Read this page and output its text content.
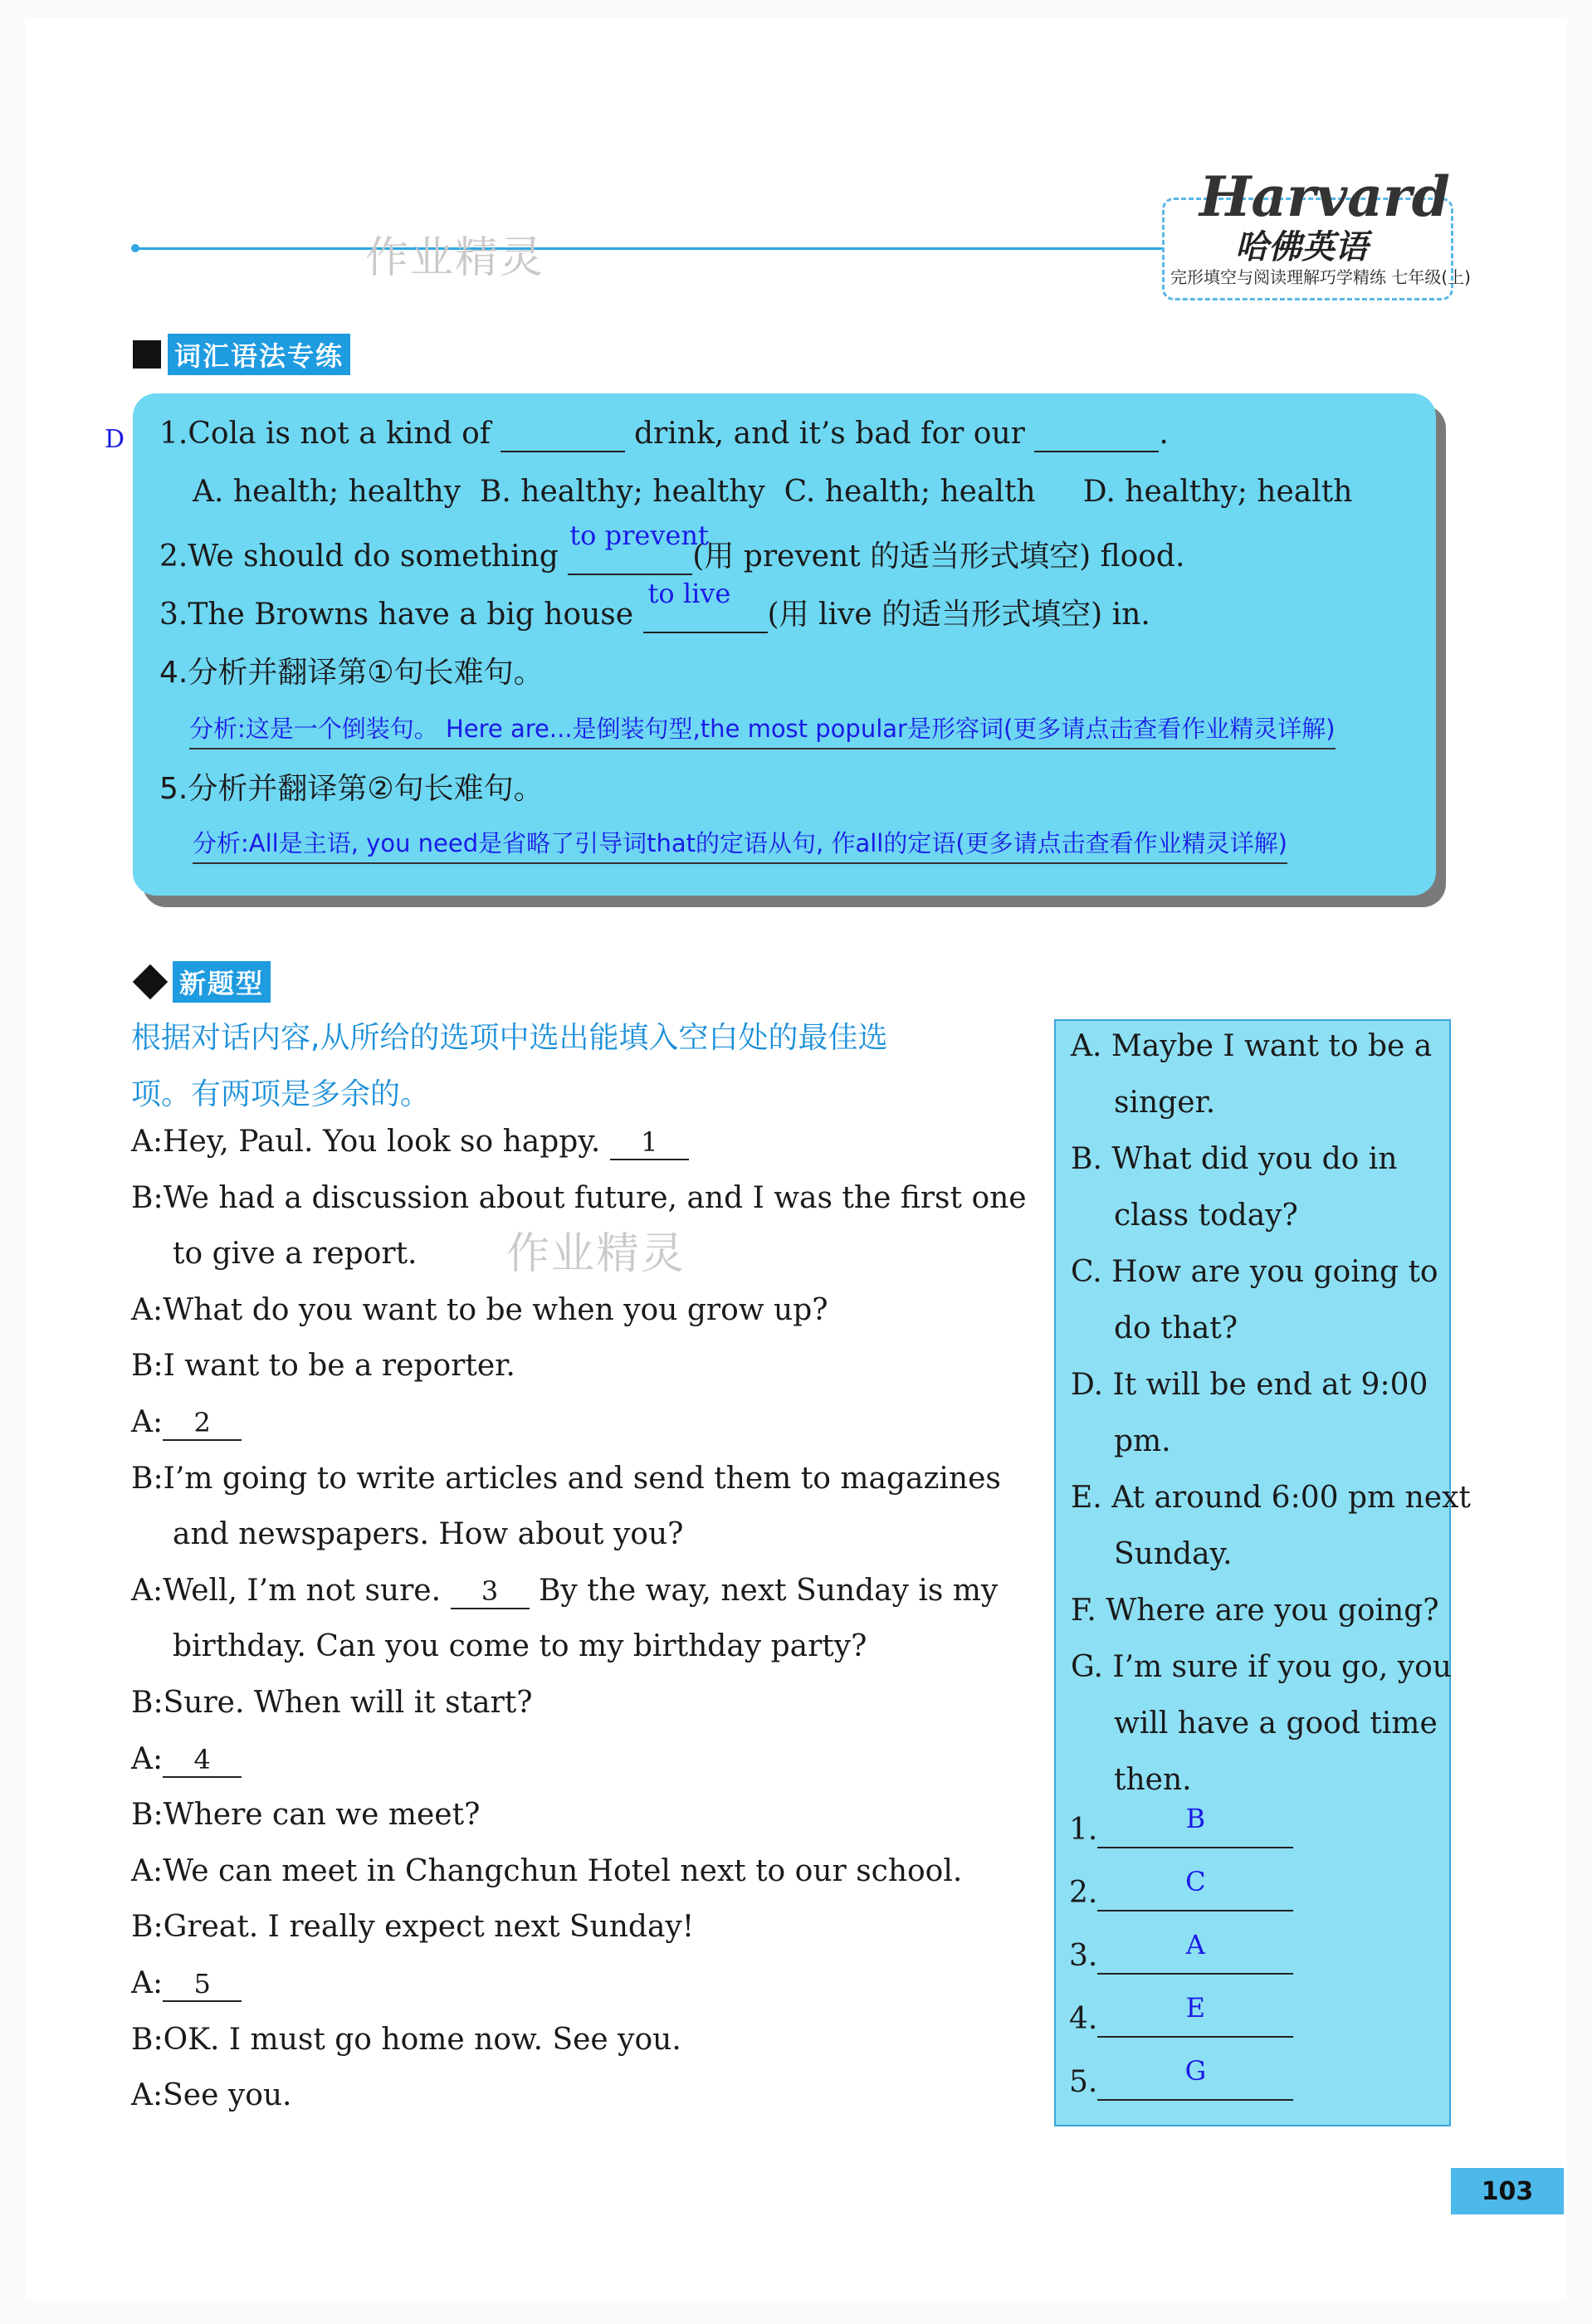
作业精灵
Harvard
哈佛英语
完形填空与阅读理解巧学精练 七年级(上)
词汇语法专练
D 1.Cola is not a kind of	drink, and it’s bad for our	.
A. health; healthy  B. healthy; healthy  C. health; health     D. healthy; health
2.We should do something
to prevent
(用 prevent 的适当形式填空) flood.
3.The Browns have a big house
to live
(用 live 的适当形式填空) in.
4.分析并翻译第①句长难句。
分析:这是一个倒装句。 Here are...是倒装句型,the most popular是形容词(更多请点击查看作业精灵详解)
5.分析并翻译第②句长难句。
分析:All是主语, you need是省略了引导词that的定语从句, 作all的定语(更多请点击查看作业精灵详解)
新题型
根据对话内容,从所给的选项中选出能填入空白处的最佳选
项。有两项是多余的。
A:Hey, Paul. You look so happy. 1
B:We had a discussion about future, and I was the first one
to give a report.
A:What do you want to be when you grow up?
B:I want to be a reporter.
A: 2
B:I’m going to write articles and send them to magazines
and newspapers. How about you?
A:Well, I’m not sure. 3 By the way, next Sunday is my
birthday. Can you come to my birthday party?
B:Sure. When will it start?
A: 4
B:Where can we meet?
A:We can meet in Changchun Hotel next to our school.
B:Great. I really expect next Sunday!
A: 5
B:OK. I must go home now. See you.
A:See you.
作业精灵
A. Maybe I want to be a
singer.
B. What did you do in
class today?
C. How are you going to
do that?
D. It will be end at 9:00
pm.
E. At around 6:00 pm next
Sunday.
F. Where are you going?
G. I’m sure if you go, you
will have a good time
then.
1.	B
2.	C
3.	A
4.	E
5.	G
103
